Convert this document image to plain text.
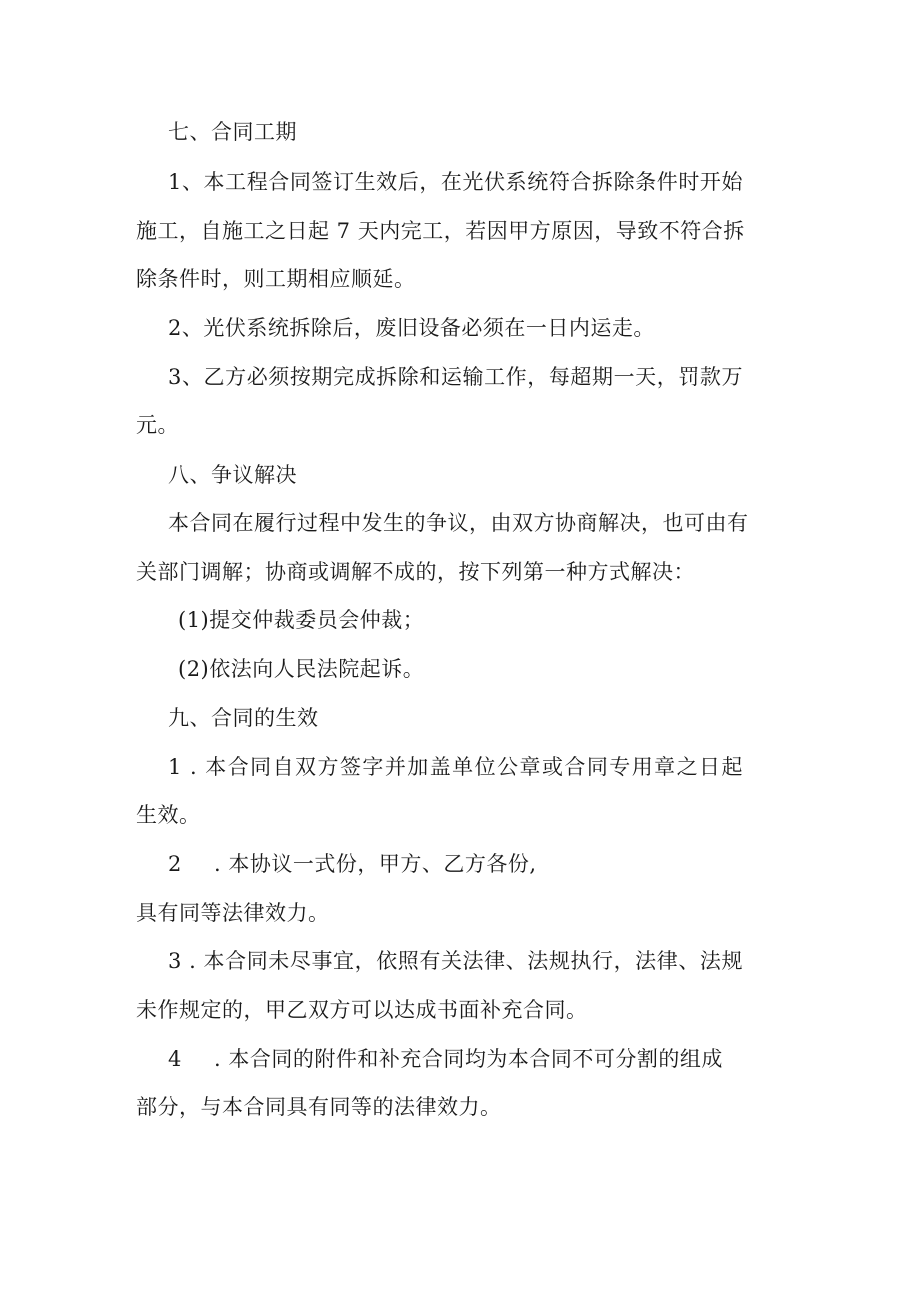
七、合同工期
1、本工程合同签订生效后，在光伏系统符合拆除条件时开始
施工，自施工之日起 7 天内完工，若因甲方原因，导致不符合拆
除条件时，则工期相应顺延。
2、光伏系统拆除后，废旧设备必须在一日内运走。
3、乙方必须按期完成拆除和运输工作，每超期一天，罚款万
元。
八、争议解决
本合同在履行过程中发生的争议，由双方协商解决，也可由有
关部门调解；协商或调解不成的，按下列第一种方式解决：
(1)提交仲裁委员会仲裁；
(2)依法向人民法院起诉。
九、合同的生效
1 . 本合同自双方签字并加盖单位公章或合同专用章之日起
生效。
2 . 本协议一式份，甲方、乙方各份,
具有同等法律效力。
3 . 本合同未尽事宜，依照有关法律、法规执行，法律、法规
未作规定的，甲乙双方可以达成书面补充合同。
4 . 本合同的附件和补充合同均为本合同不可分割的组成
部分，与本合同具有同等的法律效力。
